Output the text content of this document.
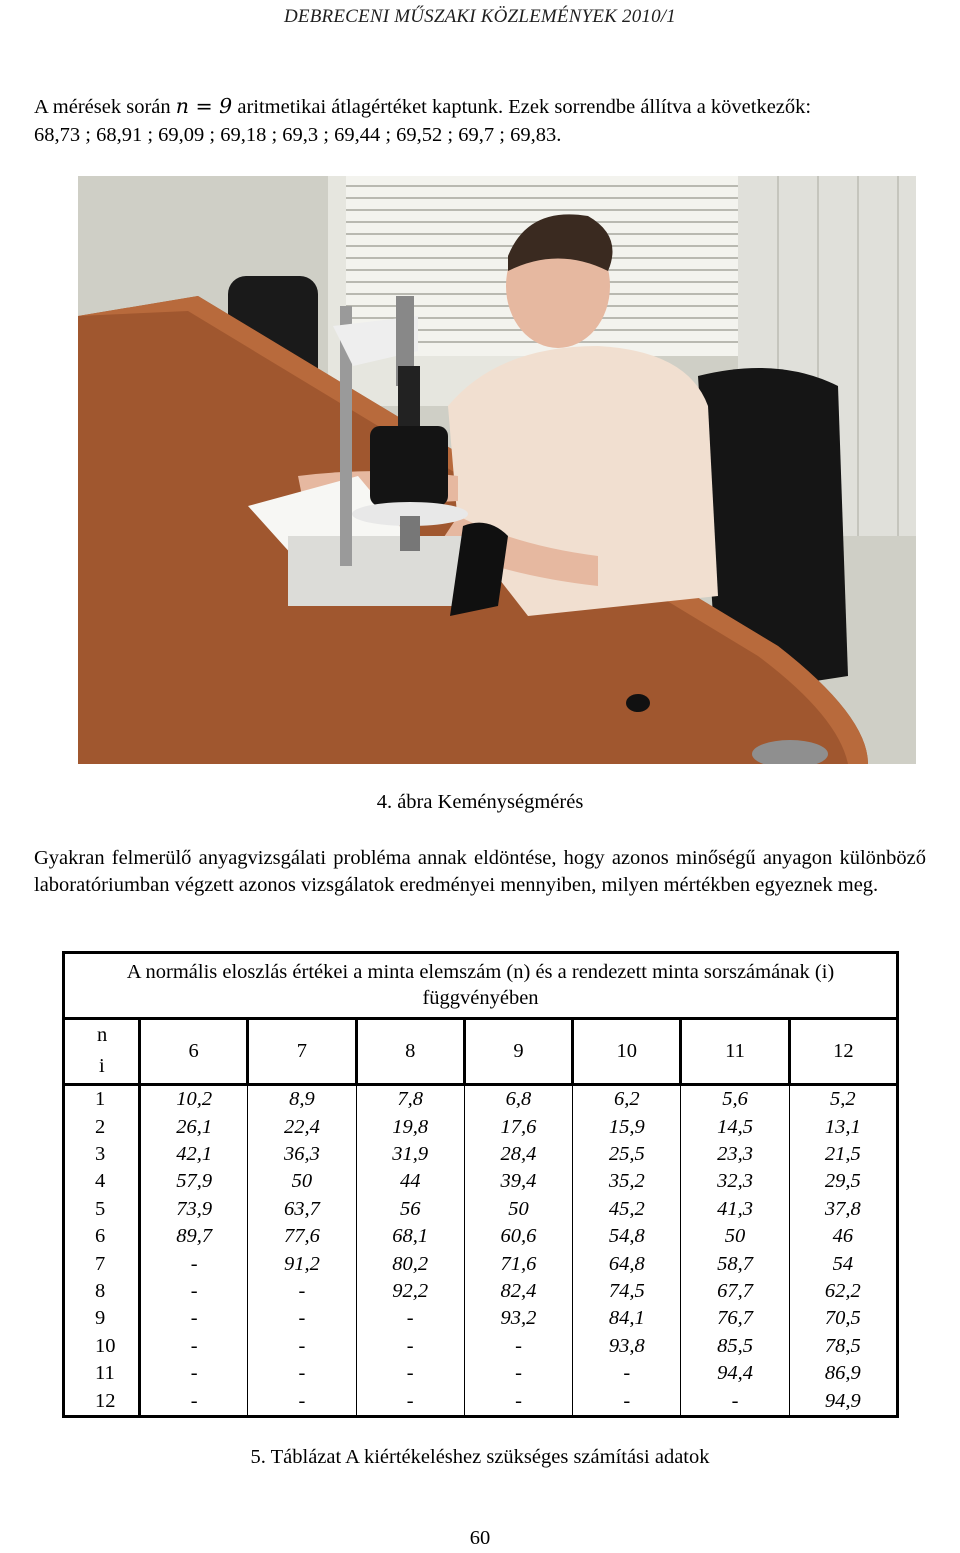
DEBRECENI MŰSZAKI KÖZLEMÉNYEK 2010/1
A mérések során n = 9 aritmetikai átlagértéket kaptunk. Ezek sorrendbe állítva a következők:
68,73 ; 68,91 ; 69,09 ; 69,18 ; 69,3 ; 69,44 ; 69,52 ; 69,7 ; 69,83.
4. ábra Keménységmérés
Gyakran felmerülő anyagvizsgálati probléma annak eldöntése, hogy azonos minőségű anyagon különböző laboratóriumban végzett azonos vizsgálatok eredményei mennyiben, milyen mértékben egyeznek meg.
A normális eloszlás értékei a minta elemszám (n) és a rendezett minta sorszámának (i) függvényében							
n	6	7	8	9	10	11	12
i							
1	10,2	8,9	7,8	6,8	6,2	5,6	5,2
2	26,1	22,4	19,8	17,6	15,9	14,5	13,1
3	42,1	36,3	31,9	28,4	25,5	23,3	21,5
4	57,9	50	44	39,4	35,2	32,3	29,5
5	73,9	63,7	56	50	45,2	41,3	37,8
6	89,7	77,6	68,1	60,6	54,8	50	46
7	-	91,2	80,2	71,6	64,8	58,7	54
8	-	-	92,2	82,4	74,5	67,7	62,2
9	-	-	-	93,2	84,1	76,7	70,5
10	-	-	-	-	93,8	85,5	78,5
11	-	-	-	-	-	94,4	86,9
12	-	-	-	-	-	-	94,9
5. Táblázat A kiértékeléshez szükséges számítási adatok
60
